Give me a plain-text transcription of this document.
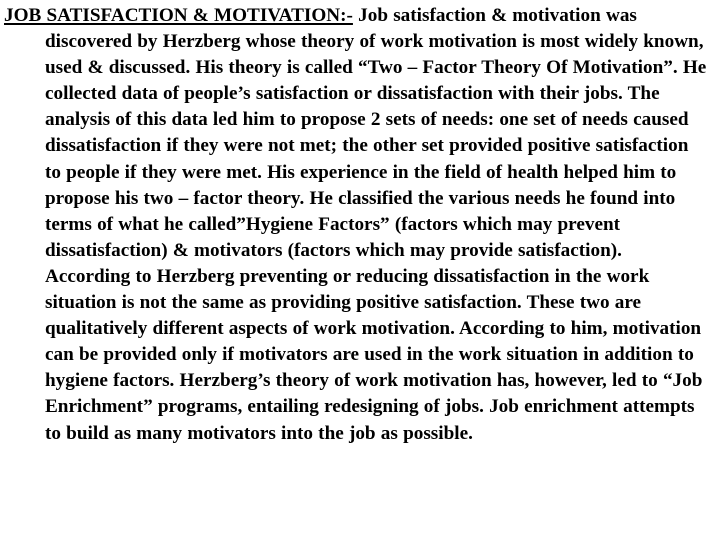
JOB SATISFACTION & MOTIVATION:- Job satisfaction & motivation was discovered by Herzberg whose theory of work motivation is most widely known, used & discussed. His theory is called “Two – Factor Theory Of Motivation”. He collected data of people’s satisfaction or dissatisfaction with their jobs. The analysis of this data led him to propose 2 sets of needs: one set of needs caused dissatisfaction if they were not met; the other set provided positive satisfaction to people if they were met. His experience in the field of health helped him to propose his two – factor theory. He classified the various needs he found into terms of what he called”Hygiene Factors” (factors which may prevent dissatisfaction) & motivators (factors which may provide satisfaction). According to Herzberg preventing or reducing dissatisfaction in the work situation is not the same as providing positive satisfaction. These two are qualitatively different aspects of work motivation. According to him, motivation can be provided only if motivators are used in the work situation in addition to hygiene factors. Herzberg’s theory of work motivation has, however, led to “Job Enrichment” programs, entailing redesigning of jobs. Job enrichment attempts to build as many motivators into the job as possible.
